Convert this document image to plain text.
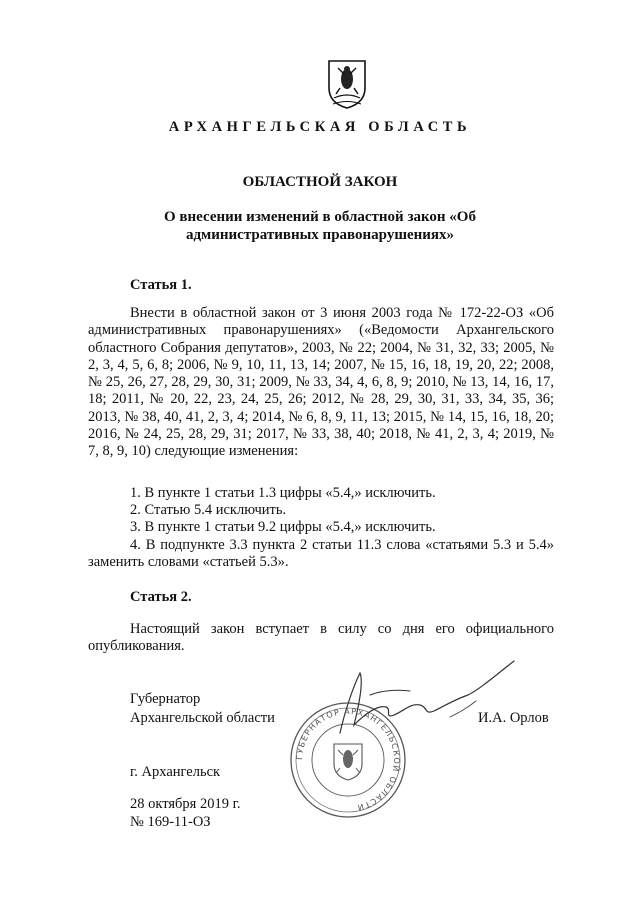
АРХАНГЕЛЬСКАЯ ОБЛАСТЬ
ОБЛАСТНОЙ ЗАКОН
О внесении изменений в областной закон «Об административных правонарушениях»
Статья 1.
Внести в областной закон от 3 июня 2003 года № 172-22-ОЗ «Об административных правонарушениях» («Ведомости Архангельского областного Собрания депутатов», 2003, № 22; 2004, № 31, 32, 33; 2005, № 2, 3, 4, 5, 6, 8; 2006, № 9, 10, 11, 13, 14; 2007, № 15, 16, 18, 19, 20, 22; 2008, № 25, 26, 27, 28, 29, 30, 31; 2009, № 33, 34, 4, 6, 8, 9; 2010, № 13, 14, 16, 17, 18; 2011, № 20, 22, 23, 24, 25, 26; 2012, № 28, 29, 30, 31, 33, 34, 35, 36; 2013, № 38, 40, 41, 2, 3, 4; 2014, № 6, 8, 9, 11, 13; 2015, № 14, 15, 16, 18, 20; 2016, № 24, 25, 28, 29, 31; 2017, № 33, 38, 40; 2018, № 41, 2, 3, 4; 2019, № 7, 8, 9, 10) следующие изменения:
1. В пункте 1 статьи 1.3 цифры «5.4,» исключить.
2. Статью 5.4 исключить.
3. В пункте 1 статьи 9.2 цифры «5.4,» исключить.
4. В подпункте 3.3 пункта 2 статьи 11.3 слова «статьями 5.3 и 5.4» заменить словами «статьей 5.3».
Статья 2.
Настоящий закон вступает в силу со дня его официального опубликования.
ГУБЕРНАТОР АРХАНГЕЛЬСКОЙ ОБЛАСТИ
Губернатор
Архангельской области	И.А. Орлов
г. Архангельск
28 октября 2019 г.
№ 169-11-ОЗ
